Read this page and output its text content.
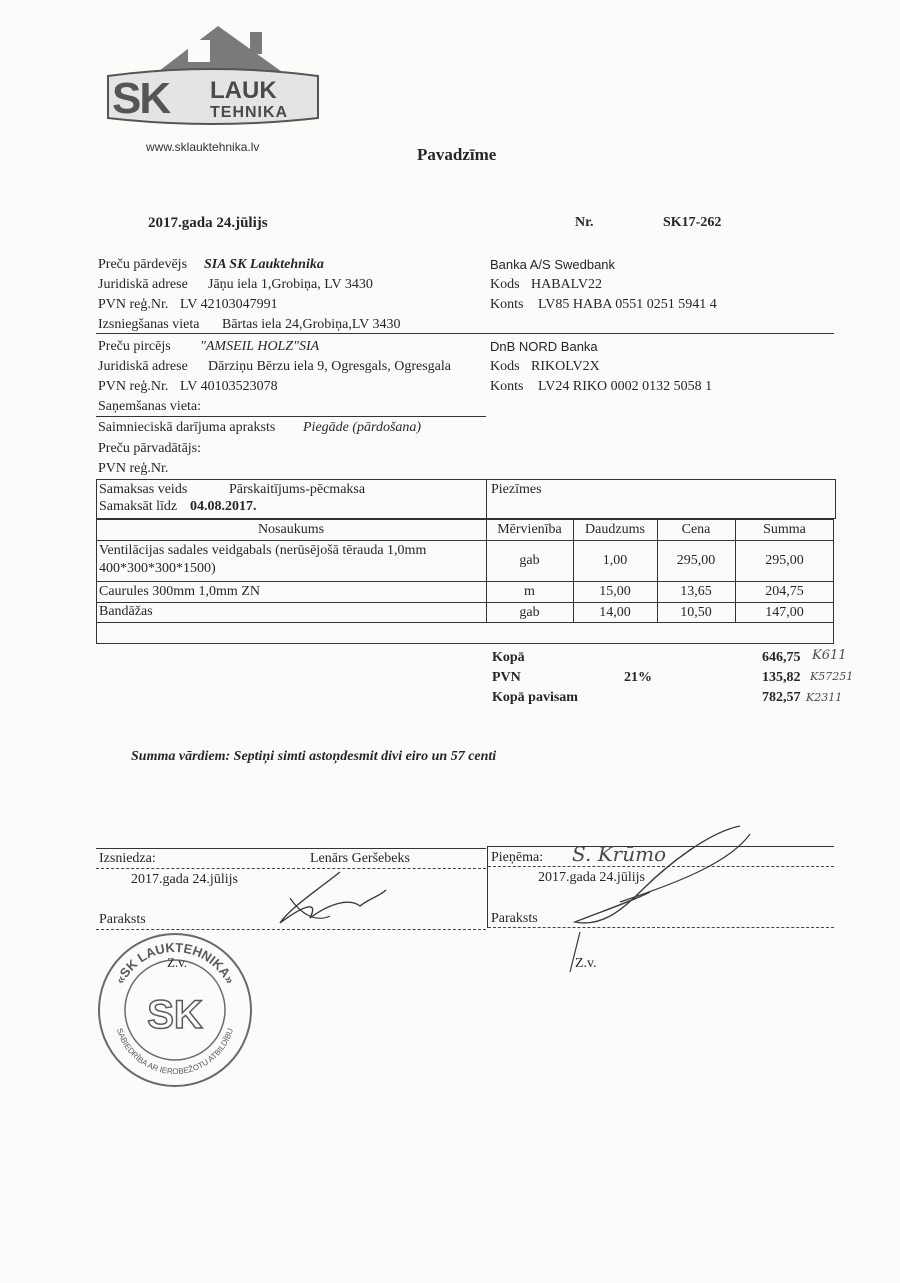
SK LAUK
TEHNIKA
www.sklauktehnika.lv	Pavadzīme
2017.gada 24.jūlijs	Nr.	SK17-262
Preču pārdevējs SIA SK Lauktehnika
Juridiskā adrese Jāņu iela 1,Grobiņa, LV 3430
PVN reģ.Nr. LV 42103047991
Izsniegšanas vieta Bārtas iela 24,Grobiņa,LV 3430
Banka A/S Swedbank
Kods HABALV22
Konts LV85 HABA 0551 0251 5941 4
Preču pircējs "AMSEIL HOLZ"SIA
Juridiskā adrese Dārziņu Bērzu iela 9, Ogresgals, Ogresgala
PVN reģ.Nr. LV 40103523078
Saņemšanas vieta:
DnB NORD Banka
Kods RIKOLV2X
Konts LV24 RIKO 0002 0132 5058 1
Saimnieciskā darījuma apraksts Piegāde (pārdošana)
Preču pārvadātājs:
PVN reģ.Nr.
Samaksas veids	Pārskaitījums-pēcmaksa
Samaksāt līdz 04.08.2017.
Piezīmes
Nosaukums	Mērvienība	Daudzums	Cena	Summa
Ventilācijas sadales veidgabals (nerūsējošā tērauda 1,0mm
400*300*300*1500)
gab	1,00	295,00	295,00
Caurules 300mm 1,0mm ZN	m	15,00	13,65	204,75
Bandāžas	gab	14,00	10,50	147,00
Kopā	646,75 K611
PVN	21%	135,82 K57251
Kopā pavisam	782,57 K2311
Summa vārdiem: Septiņi simti astoņdesmit divi eiro un 57 centi
Izsniedza:	Lenārs Geršebeks
2017.gada 24.jūlijs
Parаksts
Pieņēma: S. Krūmo
2017.gada 24.jūlijs
Paraksts
Z.v.
«SK LAUKTEHNIKA»
SABIEDRĪBA AR IEROBEŽOTU ATBILDĪBU
SK
Z.v.
